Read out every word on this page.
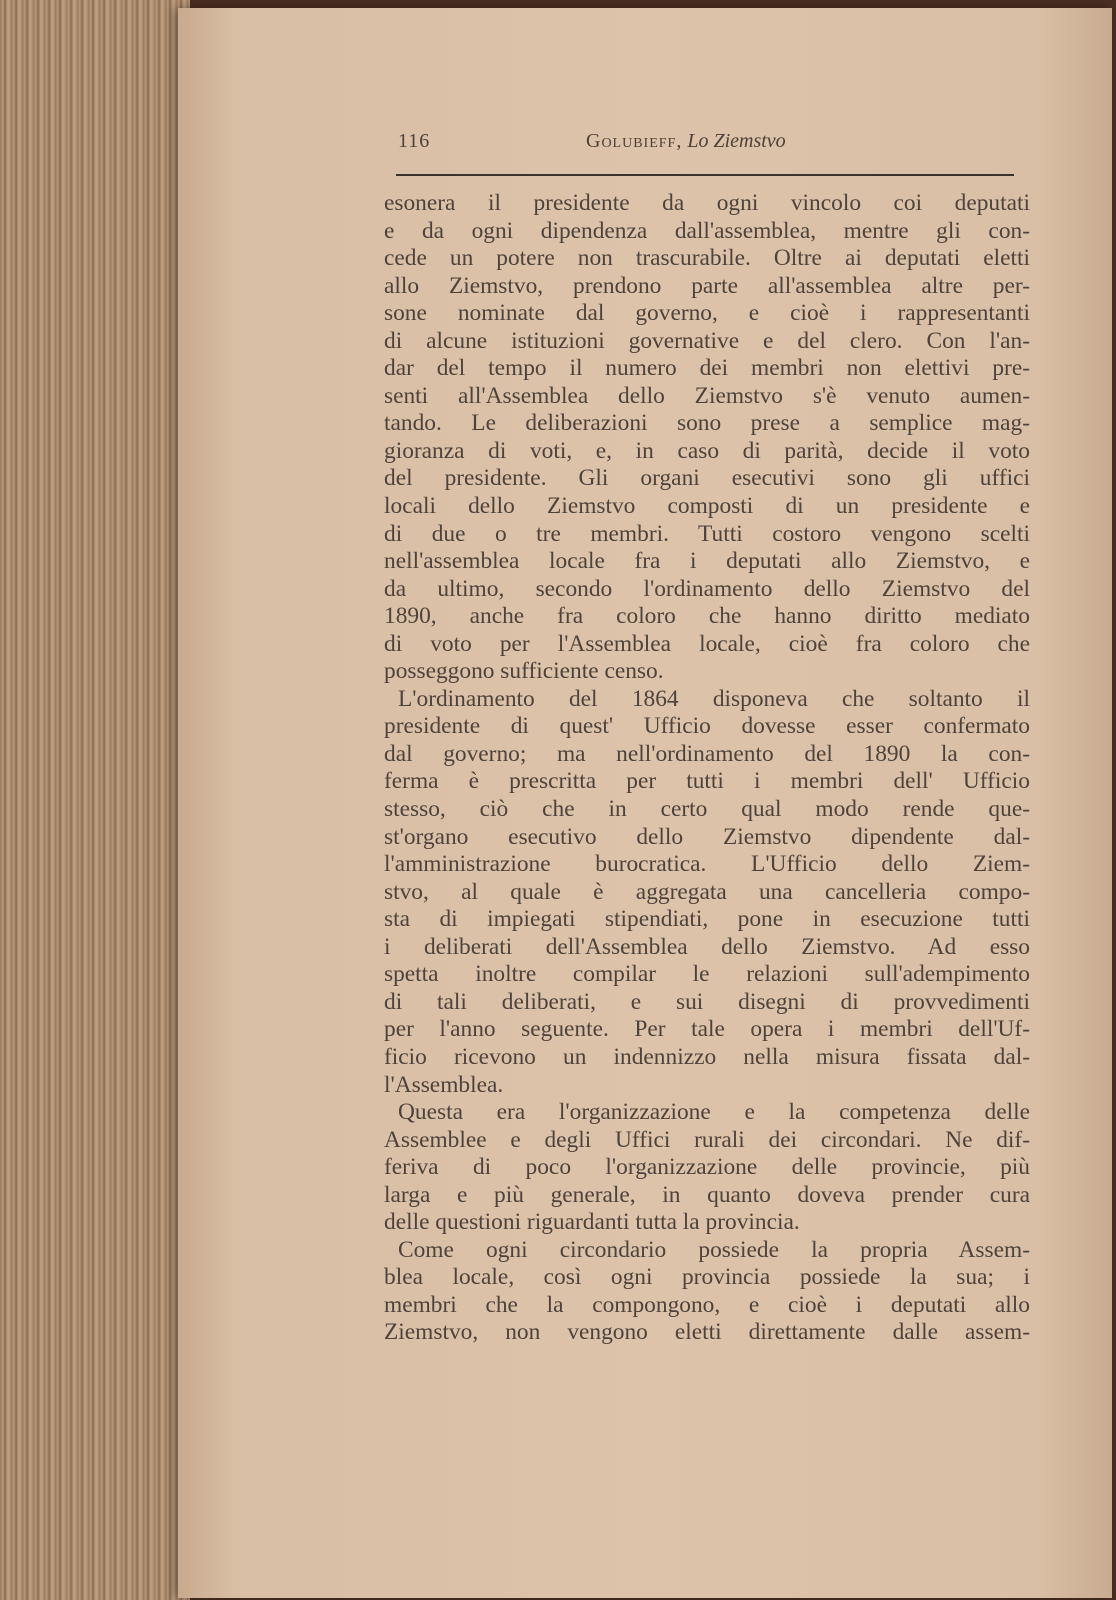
116	Golubieff, Lo Ziemstvo
esonera il presidente da ogni vincolo coi deputati
e da ogni dipendenza dall'assemblea, mentre gli con-
cede un potere non trascurabile. Oltre ai deputati eletti
allo Ziemstvo, prendono parte all'assemblea altre per-
sone nominate dal governo, e cioè i rappresentanti
di alcune istituzioni governative e del clero. Con l'an-
dar del tempo il numero dei membri non elettivi pre-
senti all'Assemblea dello Ziemstvo s'è venuto aumen-
tando. Le deliberazioni sono prese a semplice mag-
gioranza di voti, e, in caso di parità, decide il voto
del presidente. Gli organi esecutivi sono gli uffici
locali dello Ziemstvo composti di un presidente e
di due o tre membri. Tutti costoro vengono scelti
nell'assemblea locale fra i deputati allo Ziemstvo, e
da ultimo, secondo l'ordinamento dello Ziemstvo del
1890, anche fra coloro che hanno diritto mediato
di voto per l'Assemblea locale, cioè fra coloro che
posseggono sufficiente censo.
L'ordinamento del 1864 disponeva che soltanto il
presidente di quest' Ufficio dovesse esser confermato
dal governo; ma nell'ordinamento del 1890 la con-
ferma è prescritta per tutti i membri dell' Ufficio
stesso, ciò che in certo qual modo rende que-
st'organo esecutivo dello Ziemstvo dipendente dal-
l'amministrazione burocratica. L'Ufficio dello Ziem-
stvo, al quale è aggregata una cancelleria compo-
sta di impiegati stipendiati, pone in esecuzione tutti
i deliberati dell'Assemblea dello Ziemstvo. Ad esso
spetta inoltre compilar le relazioni sull'adempimento
di tali deliberati, e sui disegni di provvedimenti
per l'anno seguente. Per tale opera i membri dell'Uf-
ficio ricevono un indennizzo nella misura fissata dal-
l'Assemblea.
Questa era l'organizzazione e la competenza delle
Assemblee e degli Uffici rurali dei circondari. Ne dif-
feriva di poco l'organizzazione delle provincie, più
larga e più generale, in quanto doveva prender cura
delle questioni riguardanti tutta la provincia.
Come ogni circondario possiede la propria Assem-
blea locale, così ogni provincia possiede la sua; i
membri che la compongono, e cioè i deputati allo
Ziemstvo, non vengono eletti direttamente dalle assem-
